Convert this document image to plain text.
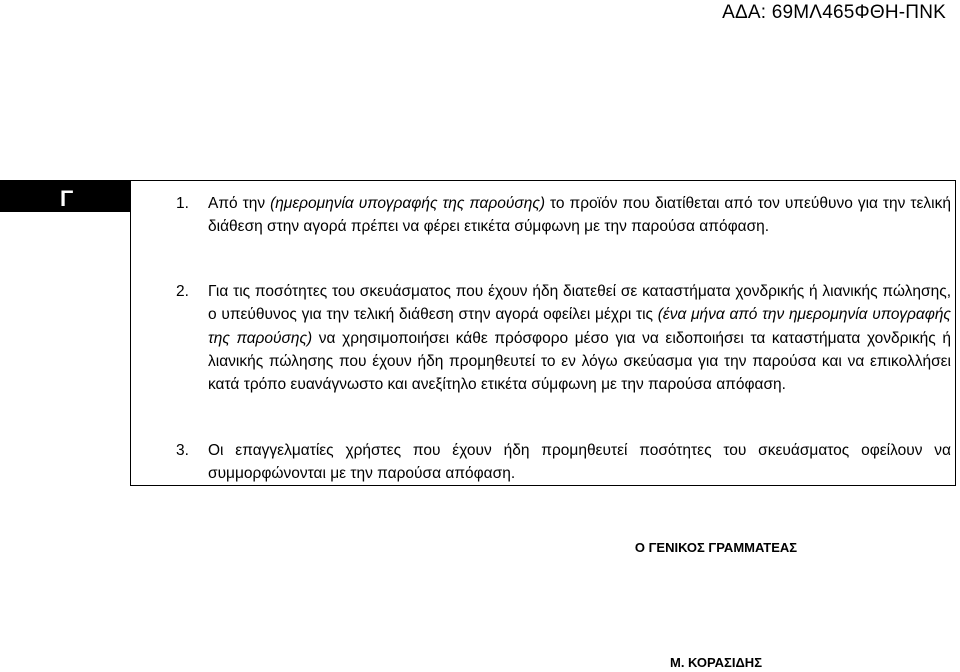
ΑΔΑ: 69ΜΛ465ΦΘΗ-ΠΝΚ
Γ	1. Από την (ημερομηνία υπογραφής της παρούσης) το προϊόν που διατίθεται από τον υπεύθυνο για την τελική διάθεση στην αγορά πρέπει να φέρει ετικέτα σύμφωνη με την παρούσα απόφαση.
2. Για τις ποσότητες του σκευάσματος που έχουν ήδη διατεθεί σε καταστήματα χονδρικής ή λιανικής πώλησης, ο υπεύθυνος για την τελική διάθεση στην αγορά οφείλει μέχρι τις (ένα μήνα από την ημερομηνία υπογραφής της παρούσης) να χρησιμοποιήσει κάθε πρόσφορο μέσο για να ειδοποιήσει τα καταστήματα χονδρικής ή λιανικής πώλησης που έχουν ήδη προμηθευτεί το εν λόγω σκεύασμα για την παρούσα και να επικολλήσει κατά τρόπο ευανάγνωστο και ανεξίτηλο ετικέτα σύμφωνη με την παρούσα απόφαση.
3. Οι επαγγελματίες χρήστες που έχουν ήδη προμηθευτεί ποσότητες του σκευάσματος οφείλουν να συμμορφώνονται με την παρούσα απόφαση.
Ο ΓΕΝΙΚΟΣ ΓΡΑΜΜΑΤΕΑΣ
Μ. ΚΟΡΑΣΙΔΗΣ
